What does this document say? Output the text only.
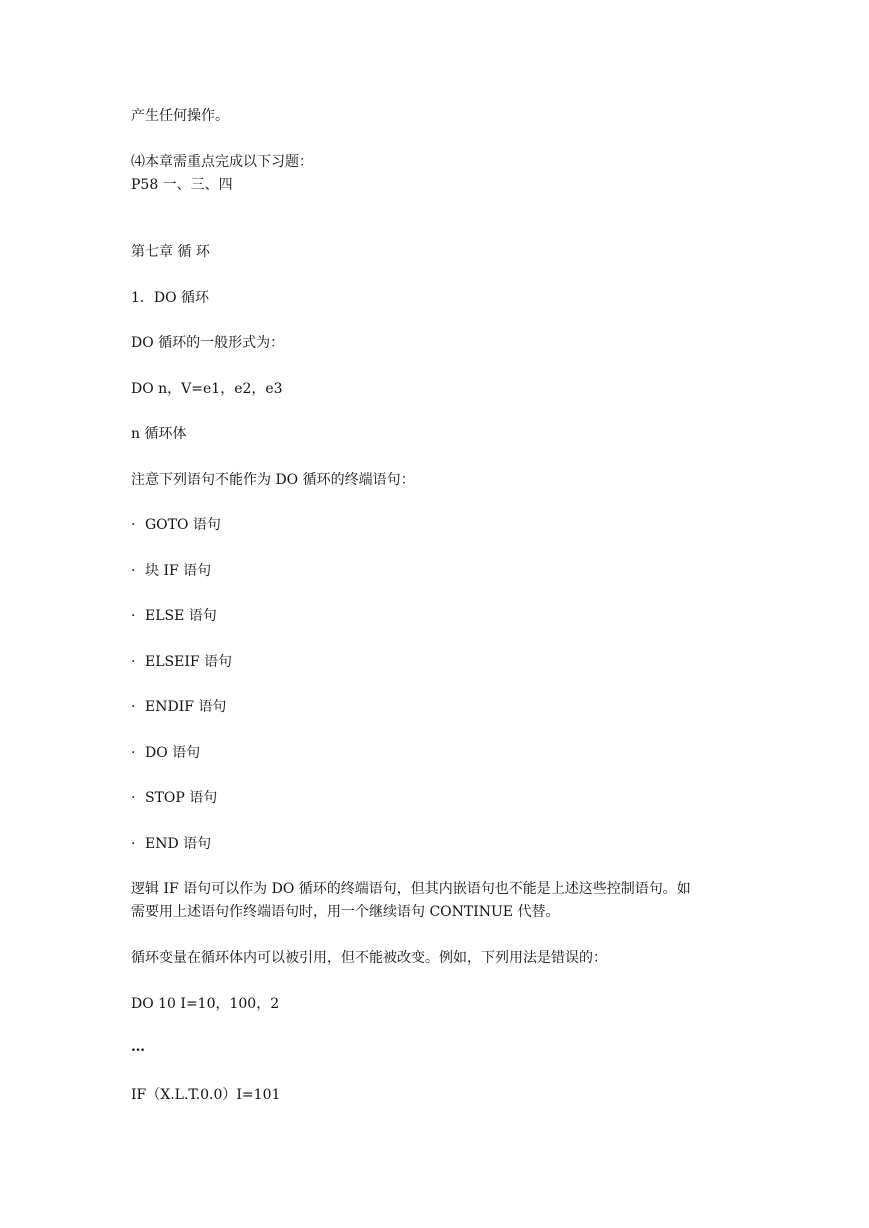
产生任何操作。
⑷本章需重点完成以下习题：
P58 一、三、四
第七章 循 环
1．DO 循环
DO 循环的一般形式为：
DO n，V=e1，e2，e3
n 循环体
注意下列语句不能作为 DO 循环的终端语句：
· GOTO 语句
· 块 IF 语句
· ELSE 语句
· ELSEIF 语句
· ENDIF 语句
· DO 语句
· STOP 语句
· END 语句
逻辑 IF 语句可以作为 DO 循环的终端语句，但其内嵌语句也不能是上述这些控制语句。如
需要用上述语句作终端语句时，用一个继续语句 CONTINUE 代替。
循环变量在循环体内可以被引用，但不能被改变。例如，下列用法是错误的：
DO 10 I=10，100，2
…
IF（X.L.T.0.0）I=101
